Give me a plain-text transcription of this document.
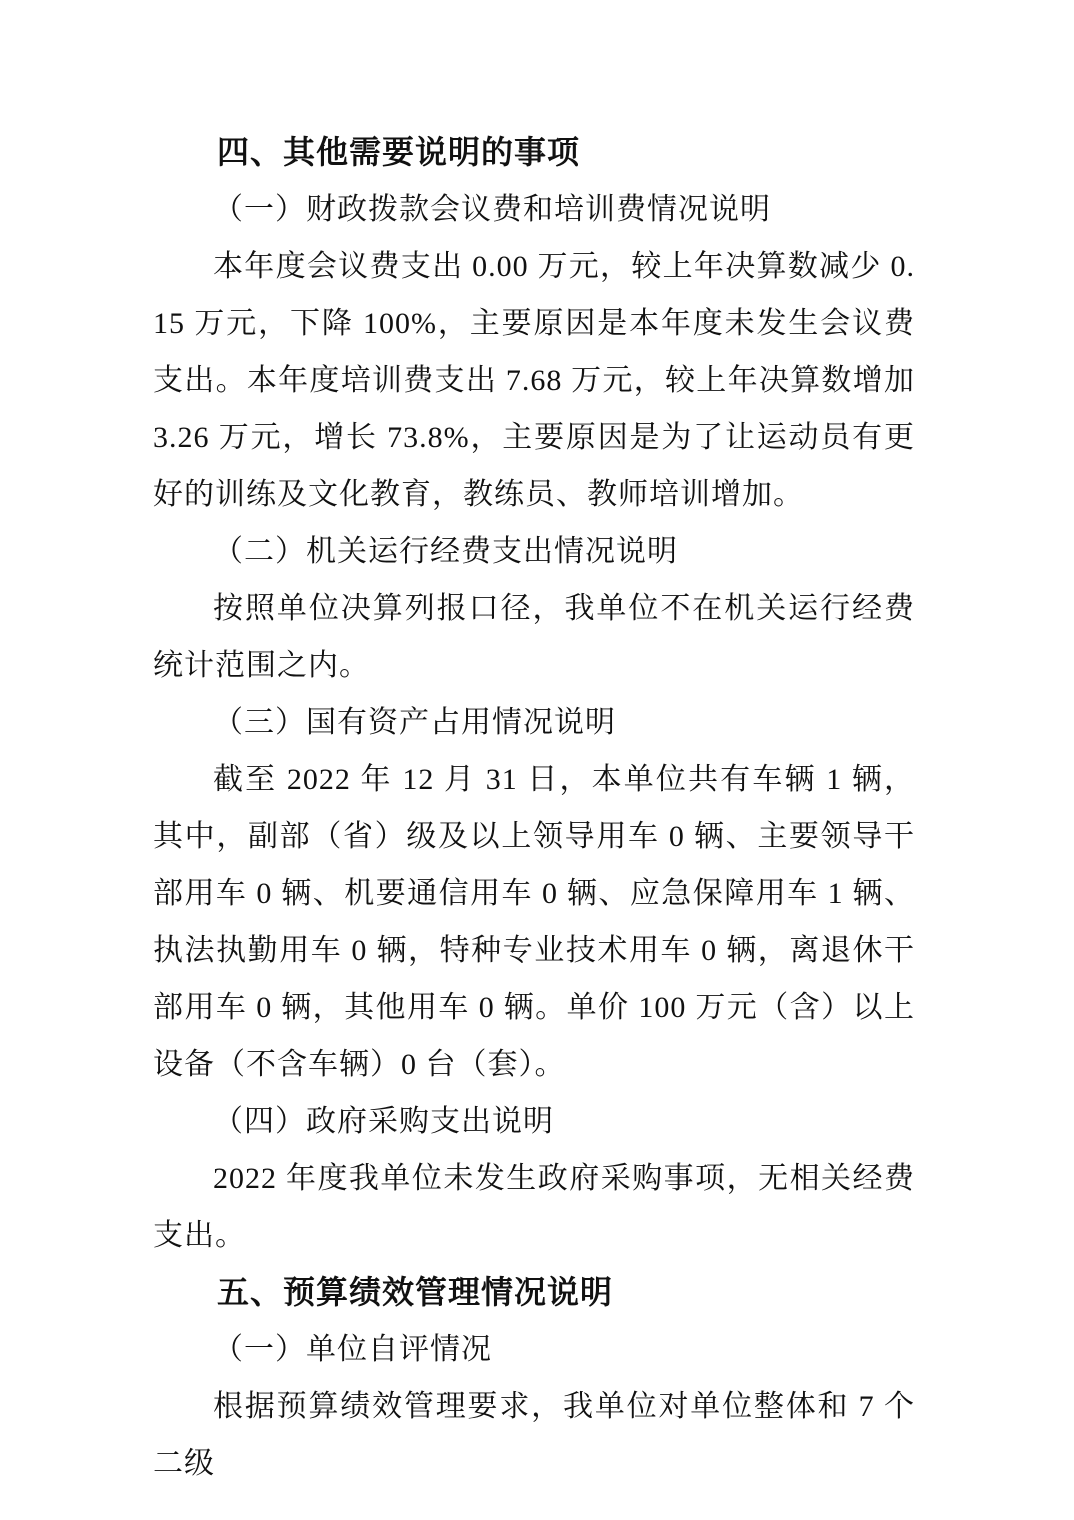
四、其他需要说明的事项

（一）财政拨款会议费和培训费情况说明

本年度会议费支出 0.00 万元，较上年决算数减少 0.15 万元，下降 100%，主要原因是本年度未发生会议费支出。本年度培训费支出 7.68 万元，较上年决算数增加 3.26 万元，增长 73.8%，主要原因是为了让运动员有更好的训练及文化教育，教练员、教师培训增加。

（二）机关运行经费支出情况说明

按照单位决算列报口径，我单位不在机关运行经费统计范围之内。

（三）国有资产占用情况说明

截至 2022 年 12 月 31 日，本单位共有车辆 1 辆，其中，副部（省）级及以上领导用车 0 辆、主要领导干部用车 0 辆、机要通信用车 0 辆、应急保障用车 1 辆、执法执勤用车 0 辆，特种专业技术用车 0 辆，离退休干部用车 0 辆，其他用车 0 辆。单价 100 万元（含）以上设备（不含车辆）0 台（套）。

（四）政府采购支出说明

2022 年度我单位未发生政府采购事项，无相关经费支出。

五、预算绩效管理情况说明

（一）单位自评情况

根据预算绩效管理要求，我单位对单位整体和 7 个二级
